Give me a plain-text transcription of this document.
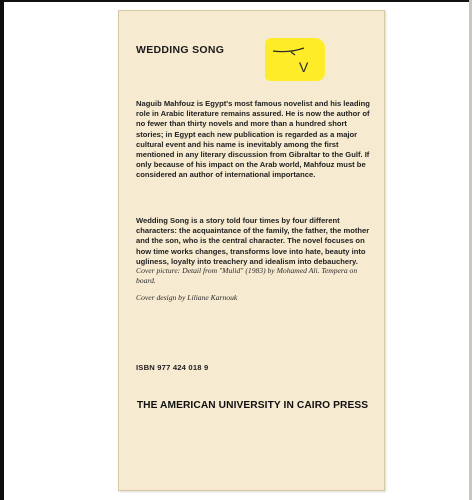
WEDDING SONG
V

Naguib Mahfouz is Egypt's most famous novelist and his leading role in Arabic literature remains assured. He is now the author of no fewer than thirty novels and more than a hundred short stories; in Egypt each new publication is regarded as a major cultural event and his name is inevitably among the first mentioned in any literary discussion from Gibraltar to the Gulf. If only because of his impact on the Arab world, Mahfouz must be considered an author of international importance.

Wedding Song is a story told four times by four different characters: the acquaintance of the family, the father, the mother and the son, who is the central character. The novel focuses on how time works changes, transforms love into hate, beauty into ugliness, loyalty into treachery and idealism into debauchery.

Cover picture: Detail from "Mulid" (1983) by Mohamed Ali. Tempera on board.

Cover design by Liliane Karnouk

ISBN 977 424 018 9
THE AMERICAN UNIVERSITY IN CAIRO PRESS
